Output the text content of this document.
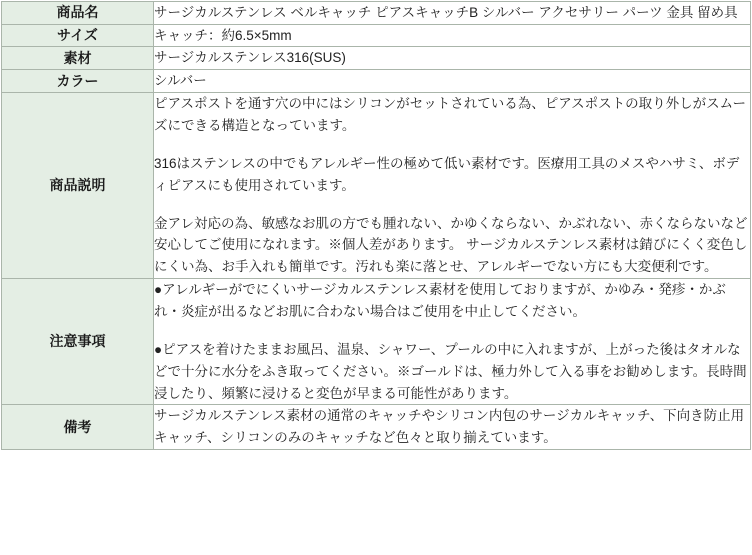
商品名	サージカルステンレス ベルキャッチ ピアスキャッチB シルバー アクセサリー パーツ 金具 留め具

サイズ	キャッチ：約6.5×5mm

素材	サージカルステンレス316(SUS)

カラー	シルバー

商品説明	ピアスポストを通す穴の中にはシリコンがセットされている為、ピアスポストの取り外しがスムーズにできる構造となっています。

316はステンレスの中でもアレルギー性の極めて低い素材です。医療用工具のメスやハサミ、ボディピアスにも使用されています。

金アレ対応の為、敏感なお肌の方でも腫れない、かゆくならない、かぶれない、赤くならないなど安心してご使用になれます。※個人差があります。 サージカルステンレス素材は錆びにくく変色しにくい為、お手入れも簡単です。汚れも楽に落とせ、アレルギーでない方にも大変便利です。

注意事項	●アレルギーがでにくいサージカルステンレス素材を使用しておりますが、かゆみ・発疹・かぶれ・炎症が出るなどお肌に合わない場合はご使用を中止してください。

●ピアスを着けたままお風呂、温泉、シャワー、プールの中に入れますが、上がった後はタオルなどで十分に水分をふき取ってください。※ゴールドは、極力外して入る事をお勧めします。長時間浸したり、頻繁に浸けると変色が早まる可能性があります。

備考	サージカルステンレス素材の通常のキャッチやシリコン内包のサージカルキャッチ、下向き防止用キャッチ、シリコンのみのキャッチなど色々と取り揃えています。
